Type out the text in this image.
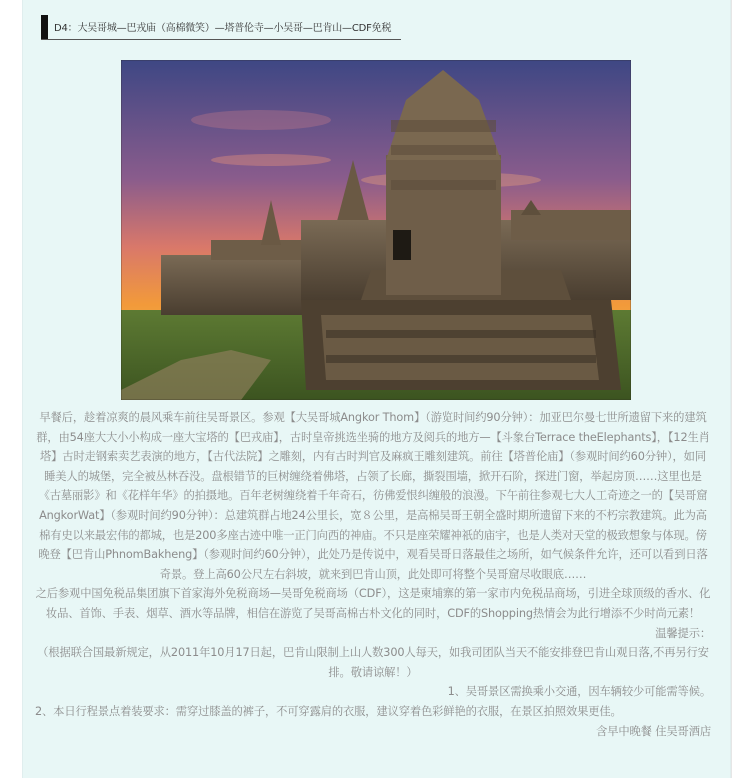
D4：大吴哥城—巴戎庙（高棉微笑）—塔普伦寺—小吴哥—巴肯山—CDF免税

早餐后，趁着凉爽的晨风乘车前往吴哥景区。参观【大吴哥城Angkor Thom】（游览时间约90分钟）：加亚巴尔曼七世所遗留下来的建筑群，由54座大大小小构成一座大宝塔的【巴戎庙】，古时皇帝挑选坐骑的地方及阅兵的地方—【斗象台Terrace theElephants】，【12生肖塔】古时走钢索卖艺表演的地方，【古代法院】之雕刻，内有古时判官及麻疯王雕刻建筑。前往【塔普伦庙】（参观时间约60分钟），如同睡美人的城堡，完全被丛林吞没。盘根错节的巨树缠绕着佛塔，占领了长廊，撕裂围墙，掀开石阶，探进门窗，举起房顶……这里也是《古墓丽影》和《花样年华》的拍摄地。百年老树缠绕着千年奇石，彷佛爱恨纠缠般的浪漫。下午前往参观七大人工奇迹之一的【吴哥窟AngkorWat】（参观时间约90分钟）：总建筑群占地24公里长，宽８公里，是高棉吴哥王朝全盛时期所遗留下来的不朽宗教建筑。此为高棉有史以来最宏伟的都城，也是200多座古迹中唯一正门向西的神庙。不只是座荣耀神祇的庙宇，也是人类对天堂的极致想象与体现。傍晚登【巴肯山PhnomBakheng】（参观时间约60分钟），此处乃是传说中，观看吴哥日落最佳之场所，如气候条件允许，还可以看到日落奇景。登上高60公尺左右斜坡，就来到巴肯山顶，此处即可将整个吴哥窟尽收眼底……

之后参观中国免税品集团旗下首家海外免税商场—吴哥免税商场（CDF），这是柬埔寨的第一家市内免税品商场，引进全球顶级的香水、化妆品、首饰、手表、烟草、酒水等品牌，相信在游览了吴哥高棉古朴文化的同时，CDF的Shopping热情会为此行增添不少时尚元素！

温馨提示：

（根据联合国最新规定，从2011年10月17日起，巴肯山限制上山人数300人每天，如我司团队当天不能安排登巴肯山观日落,不再另行安排。敬请谅解！）

1、吴哥景区需换乘小交通，因车辆较少可能需等候。

2、本日行程景点着装要求：需穿过膝盖的裤子，不可穿露肩的衣服，建议穿着色彩鲜艳的衣服，在景区拍照效果更佳。

含早中晚餐 住吴哥酒店
